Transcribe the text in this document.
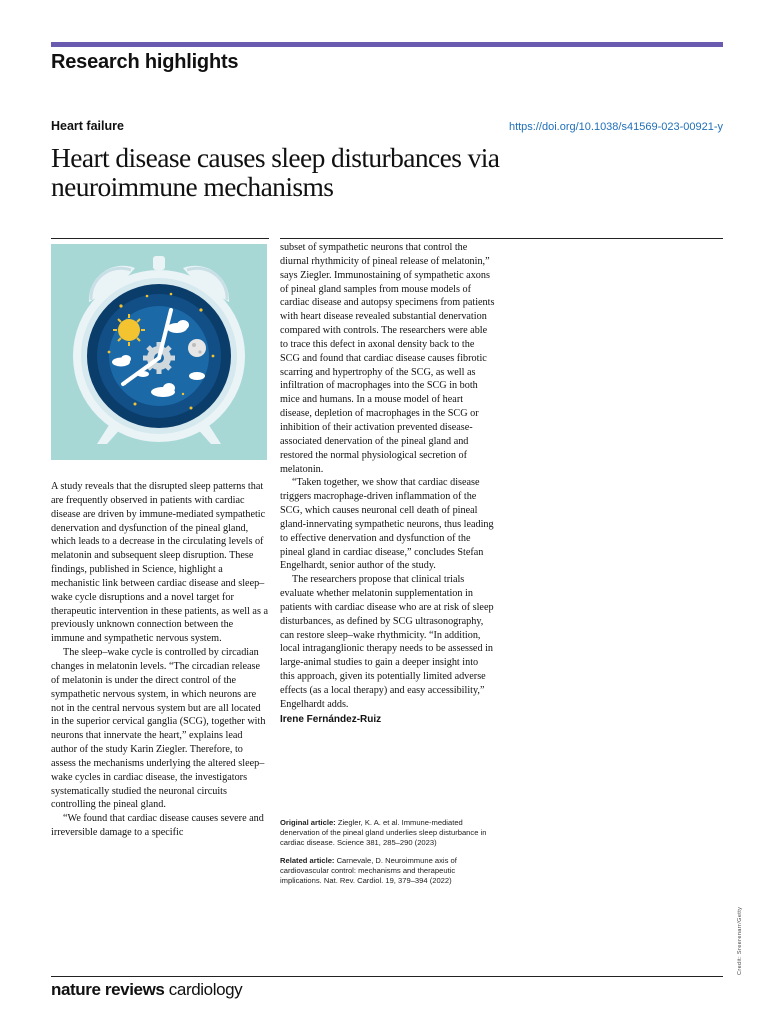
Research highlights
Heart failure	https://doi.org/10.1038/s41569-023-00921-y
Heart disease causes sleep disturbances via neuroimmune mechanisms

A study reveals that the disrupted sleep patterns that are frequently observed in patients with cardiac disease are driven by immune-mediated sympathetic denervation and dysfunction of the pineal gland, which leads to a decrease in the circulating levels of melatonin and subsequent sleep disruption. These findings, published in Science, highlight a mechanistic link between cardiac disease and sleep–wake cycle disruptions and a novel target for therapeutic intervention in these patients, as well as a previously unknown connection between the immune and sympathetic nervous system.

The sleep–wake cycle is controlled by circadian changes in melatonin levels. “The circadian release of melatonin is under the direct control of the sympathetic nervous system, in which neurons are not in the central nervous system but are all located in the superior cervical ganglia (SCG), together with neurons that innervate the heart,” explains lead author of the study Karin Ziegler. Therefore, to assess the mechanisms underlying the altered sleep–wake cycles in cardiac disease, the investigators systematically studied the neuronal circuits controlling the pineal gland.

“We found that cardiac disease causes severe and irreversible damage to a specific

subset of sympathetic neurons that control the diurnal rhythmicity of pineal release of melatonin,” says Ziegler. Immunostaining of sympathetic axons of pineal gland samples from mouse models of cardiac disease and autopsy specimens from patients with heart disease revealed substantial denervation compared with controls. The researchers were able to trace this defect in axonal density back to the SCG and found that cardiac disease causes fibrotic scarring and hypertrophy of the SCG, as well as infiltration of macrophages into the SCG in both mice and humans. In a mouse model of heart disease, depletion of macrophages in the SCG or inhibition of their activation prevented disease-associated denervation of the pineal gland and restored the normal physiological secretion of melatonin.

“Taken together, we show that cardiac disease triggers macrophage-driven inflammation of the SCG, which causes neuronal cell death of pineal gland-innervating sympathetic neurons, thus leading to effective denervation and dysfunction of the pineal gland in cardiac disease,” concludes Stefan Engelhardt, senior author of the study.

The researchers propose that clinical trials evaluate whether melatonin supplementation in patients with cardiac disease who are at risk of sleep disturbances, as defined by SCG ultrasonography, can restore sleep–wake rhythmicity. “In addition, local intraganglionic therapy needs to be assessed in large-animal studies to gain a deeper insight into this approach, given its potentially limited adverse effects (as a local therapy) and easy accessibility,” Engelhardt adds.

Irene Fernández-Ruiz

Original article: Ziegler, K. A. et al. Immune-mediated denervation of the pineal gland underlies sleep disturbance in cardiac disease. Science 381, 285–290 (2023)

Related article: Carnevale, D. Neuroimmune axis of cardiovascular control: mechanisms and therapeutic implications. Nat. Rev. Cardiol. 19, 379–394 (2022)

Credit: Sreerenarr/Getty
nature reviews cardiology
